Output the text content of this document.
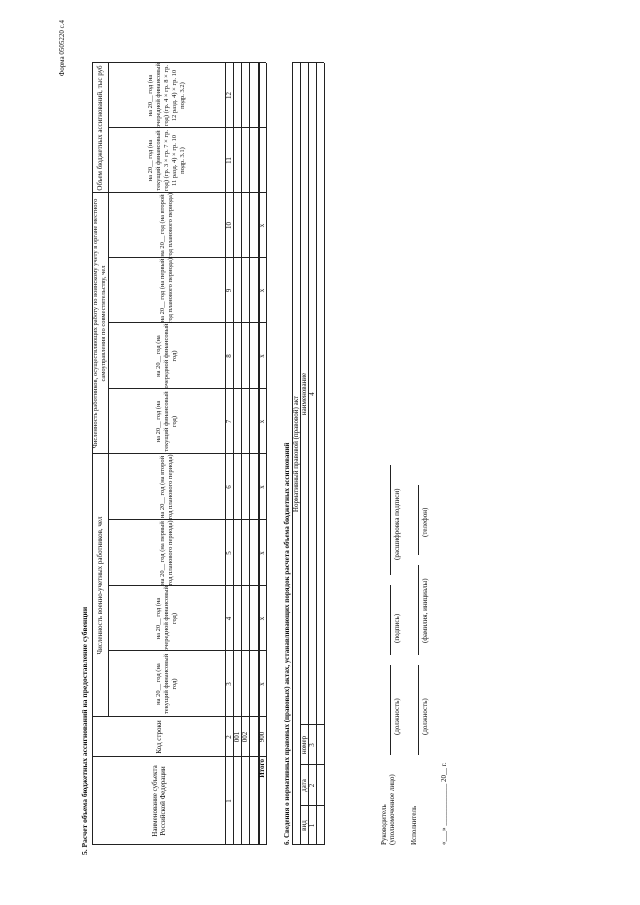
Форма 0505220 с.4
5. Расчет объема бюджетных ассигнований на предоставление субвенции	Наименование субъекта Российской Федерации
Код строки
Численность военно-учетных работников, чел
Численность работников, осуществляющих работу по воинскому учету в органе местного самоуправления по совместительству, чел
Объем бюджетных ассигнований, тыс руб
на 20__ год (на текущий финансовый год)
на 20__ год (на очередной финансовый год)
на 20__ год (на первый год планового периода)
на 20__ год (на второй год планового периода)
на 20__ год (на текущий финансовый год)
на 20__ год (на очередной финансовый год)
на 20__ год (на первый год планового периода)
на 20__ год (на второй год планового периода)
на 20__ год (на текущий финансовый год) (гр. 3 × гр. 7 × гр. 11 разд. 4) × гр. 10 подр. 3.1)
на 20__ год (на очередной финансовый год) (гр. 4 × гр. 8 × гр. 12 разд. 4) × гр. 10 подр. 3.2)
1
2
3
4
5
6
7
8
9
10
11
12
001 002
Итого
900
x
x
x
x
x
x
x
x
6. Сведения о нормативных правовых (правовых) актах, устанавливающих порядок расчета объема бюджетных ассигнований Нормативный правовой (правовой) акт
вид
дата
номер
наименование
1
2
3
4
Руководитель (уполномоченное лицо)
(должность)
(подпись)
(расшифровка подписи)
Исполнитель
(должность)
(фамилия, инициалы)
(телефон)
«___» ____________ 20__ г.
